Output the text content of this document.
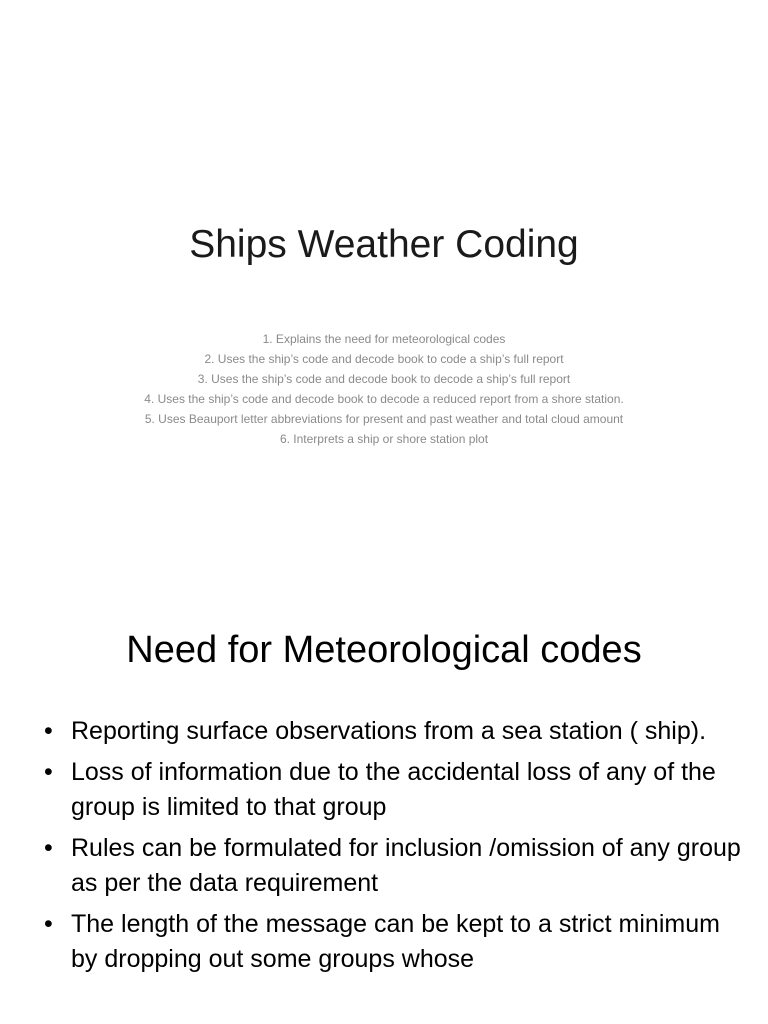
Ships Weather Coding
1. Explains the need for meteorological codes
2. Uses the ship’s code and decode book to code a ship’s full report
3. Uses the ship’s code and decode book to decode a ship’s full report
4. Uses the ship’s code and decode book to decode a reduced report from a shore station.
5. Uses Beauport letter abbreviations for present and past weather and total cloud amount
6. Interprets a ship or shore station plot
Need for Meteorological codes
• Reporting surface observations from a sea station ( ship).
• Loss of information due to the accidental loss of any of the group is limited to that group
• Rules can be formulated for inclusion /omission of any group as per the data requirement
• The length of the message can be kept to a strict minimum by dropping out some groups whose
